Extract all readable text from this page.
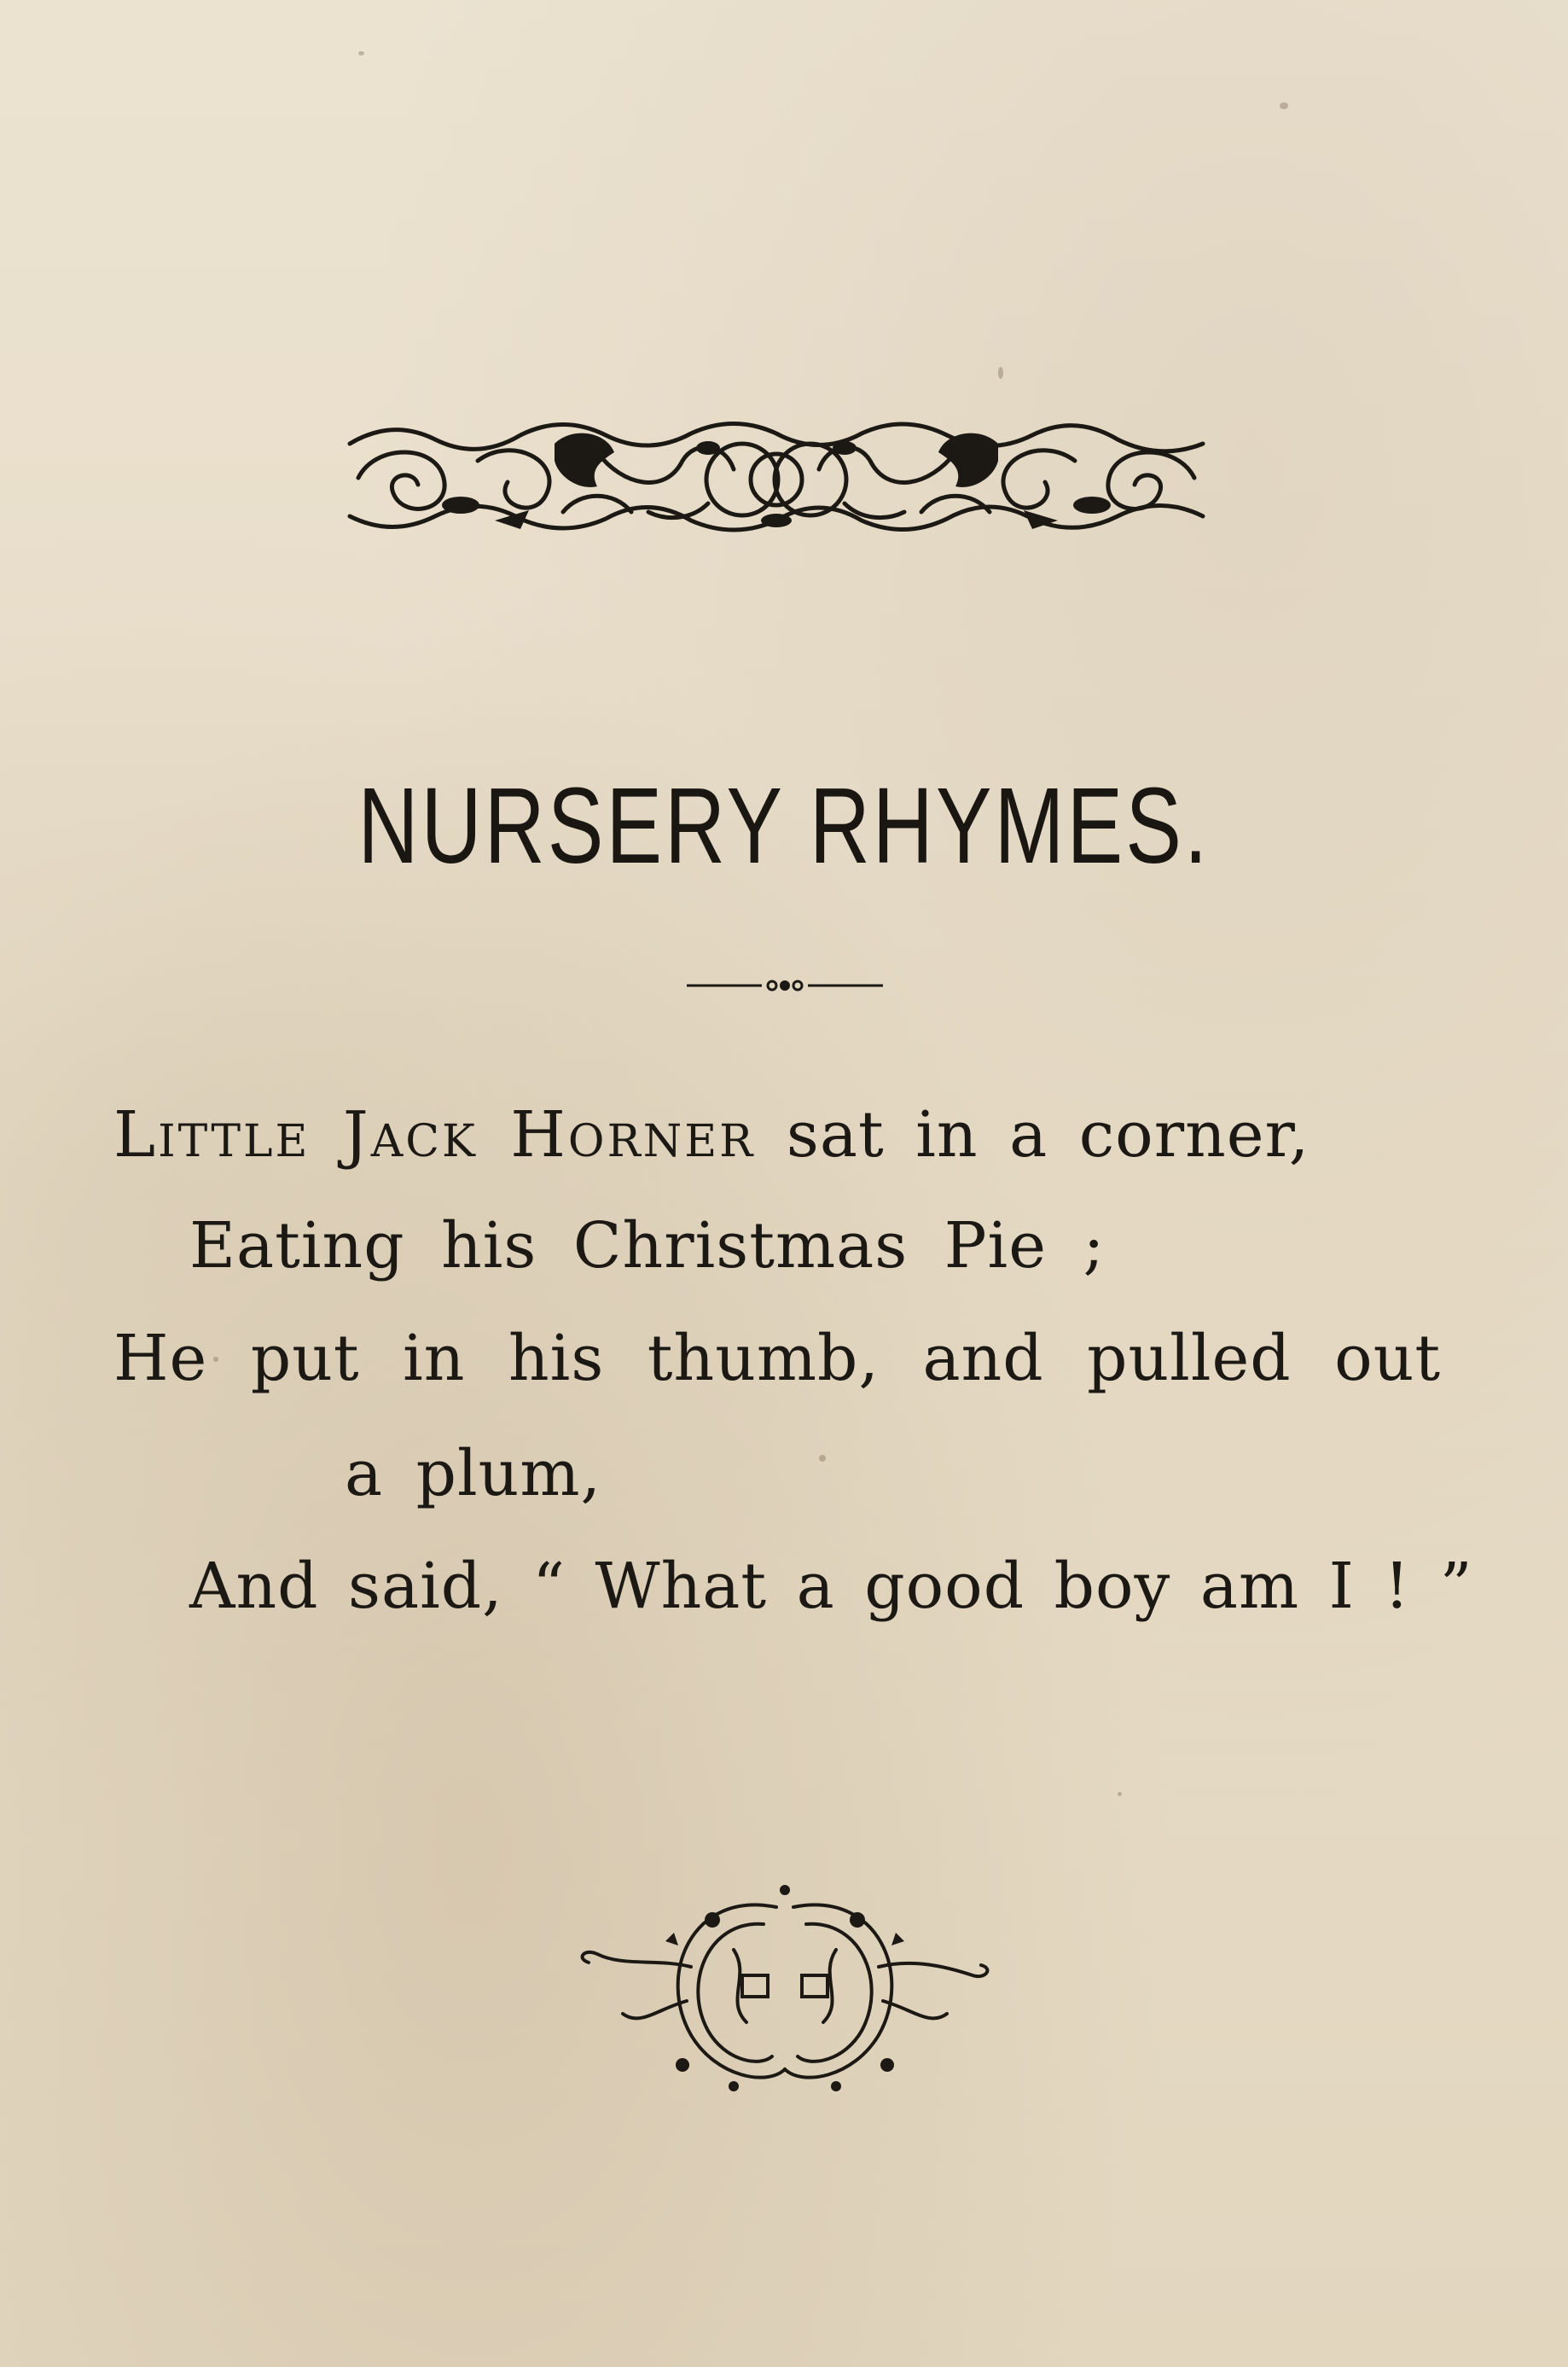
NURSERY RHYMES.
Little Jack Horner sat in a corner,
Eating his Christmas Pie ;
He put in his thumb, and pulled out
a plum,
And said, “ What a good boy am I ! ”
